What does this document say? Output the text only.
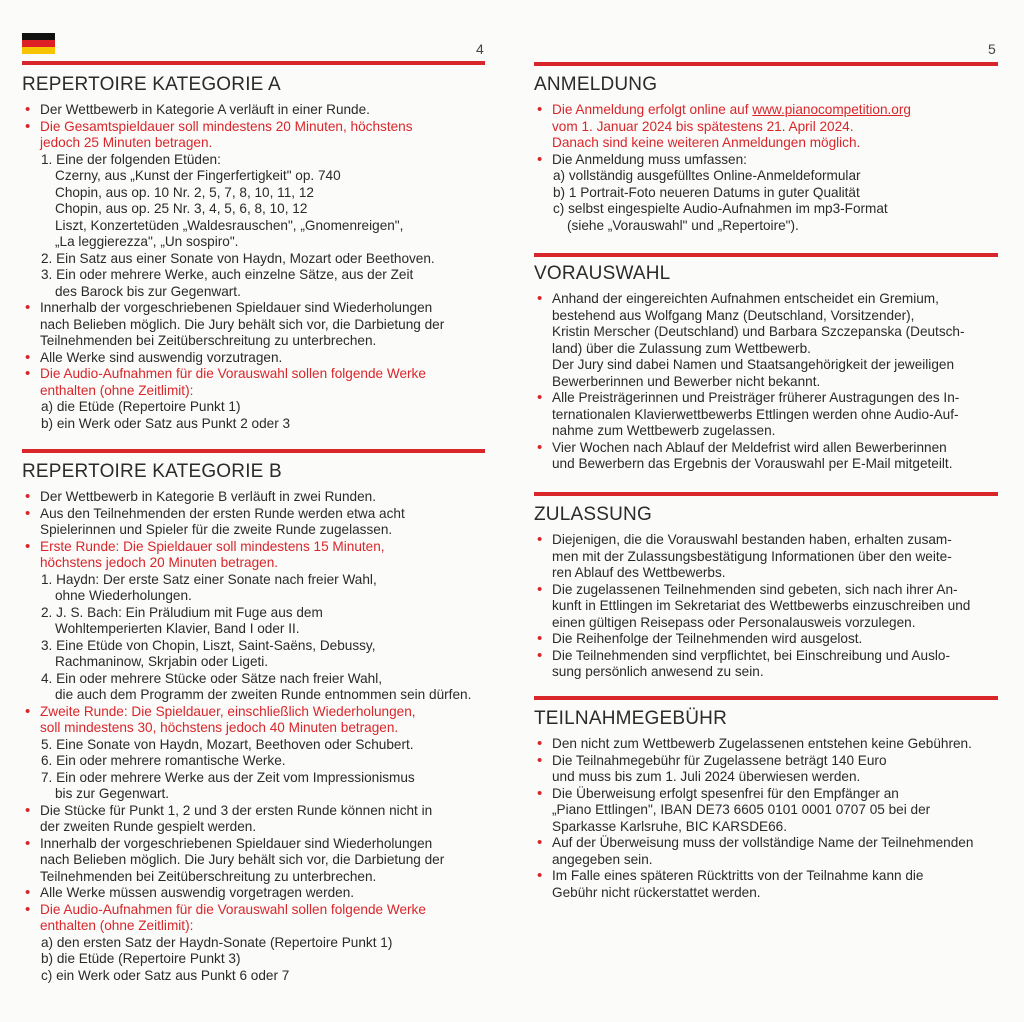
4
REPERTOIRE KATEGORIE A
• Der Wettbewerb in Kategorie A verläuft in einer Runde.
• Die Gesamtspieldauer soll mindestens 20 Minuten, höchstens
jedoch 25 Minuten betragen.
1. Eine der folgenden Etüden:
Czerny, aus „Kunst der Fingerfertigkeit" op. 740
Chopin, aus op. 10 Nr. 2, 5, 7, 8, 10, 11, 12
Chopin, aus op. 25 Nr. 3, 4, 5, 6, 8, 10, 12
Liszt, Konzertetüden „Waldesrauschen", „Gnomenreigen",
„La leggierezza", „Un sospiro".
2. Ein Satz aus einer Sonate von Haydn, Mozart oder Beethoven.
3. Ein oder mehrere Werke, auch einzelne Sätze, aus der Zeit
des Barock bis zur Gegenwart.
• Innerhalb der vorgeschriebenen Spieldauer sind Wiederholungen
nach Belieben möglich. Die Jury behält sich vor, die Darbietung der
Teilnehmenden bei Zeitüberschreitung zu unterbrechen.
• Alle Werke sind auswendig vorzutragen.
• Die Audio-Aufnahmen für die Vorauswahl sollen folgende Werke
enthalten (ohne Zeitlimit):
a) die Etüde (Repertoire Punkt 1)
b) ein Werk oder Satz aus Punkt 2 oder 3
REPERTOIRE KATEGORIE B
• Der Wettbewerb in Kategorie B verläuft in zwei Runden.
• Aus den Teilnehmenden der ersten Runde werden etwa acht
Spielerinnen und Spieler für die zweite Runde zugelassen.
• Erste Runde: Die Spieldauer soll mindestens 15 Minuten,
höchstens jedoch 20 Minuten betragen.
1. Haydn: Der erste Satz einer Sonate nach freier Wahl,
ohne Wiederholungen.
2. J. S. Bach: Ein Präludium mit Fuge aus dem
Wohltemperierten Klavier, Band I oder II.
3. Eine Etüde von Chopin, Liszt, Saint-Saëns, Debussy,
Rachmaninow, Skrjabin oder Ligeti.
4. Ein oder mehrere Stücke oder Sätze nach freier Wahl,
die auch dem Programm der zweiten Runde entnommen sein dürfen.
• Zweite Runde: Die Spieldauer, einschließlich Wiederholungen,
soll mindestens 30, höchstens jedoch 40 Minuten betragen.
5. Eine Sonate von Haydn, Mozart, Beethoven oder Schubert.
6. Ein oder mehrere romantische Werke.
7. Ein oder mehrere Werke aus der Zeit vom Impressionismus
bis zur Gegenwart.
• Die Stücke für Punkt 1, 2 und 3 der ersten Runde können nicht in
der zweiten Runde gespielt werden.
• Innerhalb der vorgeschriebenen Spieldauer sind Wiederholungen
nach Belieben möglich. Die Jury behält sich vor, die Darbietung der
Teilnehmenden bei Zeitüberschreitung zu unterbrechen.
• Alle Werke müssen auswendig vorgetragen werden.
• Die Audio-Aufnahmen für die Vorauswahl sollen folgende Werke
enthalten (ohne Zeitlimit):
a) den ersten Satz der Haydn-Sonate (Repertoire Punkt 1)
b) die Etüde (Repertoire Punkt 3)
c) ein Werk oder Satz aus Punkt 6 oder 7
5
ANMELDUNG
• Die Anmeldung erfolgt online auf www.pianocompetition.org
vom 1. Januar 2024 bis spätestens 21. April 2024.
Danach sind keine weiteren Anmeldungen möglich.
• Die Anmeldung muss umfassen:
a) vollständig ausgefülltes Online-Anmeldeformular
b) 1 Portrait-Foto neueren Datums in guter Qualität
c) selbst eingespielte Audio-Aufnahmen im mp3-Format
(siehe „Vorauswahl" und „Repertoire").
VORAUSWAHL
• Anhand der eingereichten Aufnahmen entscheidet ein Gremium,
bestehend aus Wolfgang Manz (Deutschland, Vorsitzender),
Kristin Merscher (Deutschland) und Barbara Szczepanska (Deutsch-
land) über die Zulassung zum Wettbewerb.
Der Jury sind dabei Namen und Staatsangehörigkeit der jeweiligen
Bewerberinnen und Bewerber nicht bekannt.
• Alle Preisträgerinnen und Preisträger früherer Austragungen des In-
ternationalen Klavierwettbewerbs Ettlingen werden ohne Audio-Auf-
nahme zum Wettbewerb zugelassen.
• Vier Wochen nach Ablauf der Meldefrist wird allen Bewerberinnen
und Bewerbern das Ergebnis der Vorauswahl per E-Mail mitgeteilt.
ZULASSUNG
• Diejenigen, die die Vorauswahl bestanden haben, erhalten zusam-
men mit der Zulassungsbestätigung Informationen über den weite-
ren Ablauf des Wettbewerbs.
• Die zugelassenen Teilnehmenden sind gebeten, sich nach ihrer An-
kunft in Ettlingen im Sekretariat des Wettbewerbs einzuschreiben und
einen gültigen Reisepass oder Personalausweis vorzulegen.
• Die Reihenfolge der Teilnehmenden wird ausgelost.
• Die Teilnehmenden sind verpflichtet, bei Einschreibung und Auslo-
sung persönlich anwesend zu sein.
TEILNAHMEGEBÜHR
• Den nicht zum Wettbewerb Zugelassenen entstehen keine Gebühren.
• Die Teilnahmegebühr für Zugelassene beträgt 140 Euro
und muss bis zum 1. Juli 2024 überwiesen werden.
• Die Überweisung erfolgt spesenfrei für den Empfänger an
„Piano Ettlingen", IBAN DE73 6605 0101 0001 0707 05 bei der
Sparkasse Karlsruhe, BIC KARSDE66.
• Auf der Überweisung muss der vollständige Name der Teilnehmenden
angegeben sein.
• Im Falle eines späteren Rücktritts von der Teilnahme kann die
Gebühr nicht rückerstattet werden.
